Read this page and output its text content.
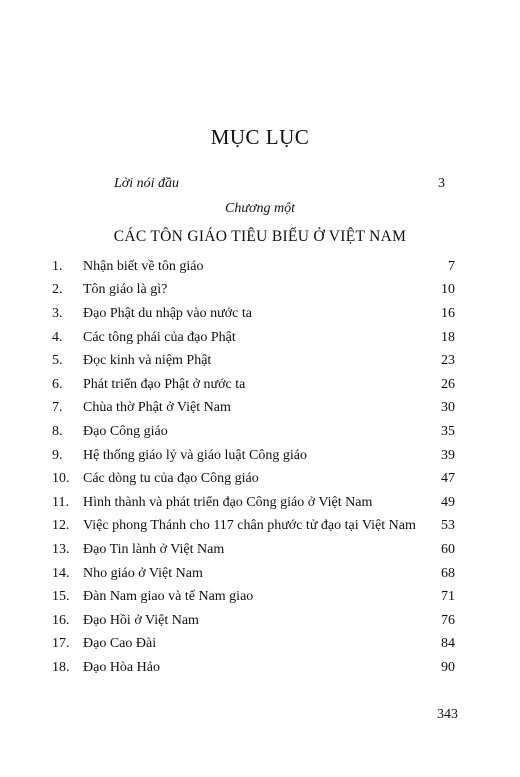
MỤC LỤC
Lời nói đầu	3
Chương một
CÁC TÔN GIÁO TIÊU BIỂU Ở VIỆT NAM
1.	Nhận biết về tôn giáo	7
2.	Tôn giáo là gì?	10
3.	Đạo Phật du nhập vào nước ta	16
4.	Các tông phái của đạo Phật	18
5.	Đọc kinh và niệm Phật	23
6.	Phát triển đạo Phật ở nước ta	26
7.	Chùa thờ Phật ở Việt Nam	30
8.	Đạo Công giáo	35
9.	Hệ thống giáo lý và giáo luật Công giáo	39
10. Các dòng tu của đạo Công giáo	47
11.	Hình thành và phát triển đạo Công giáo ở Việt Nam	49
12. Việc phong Thánh cho 117 chân phước tử đạo tại Việt Nam	53
13. Đạo Tin lành ở Việt Nam	60
14. Nho giáo ở Việt Nam	68
15. Đàn Nam giao và tế Nam giao	71
16. Đạo Hồi ở Việt Nam	76
17. Đạo Cao Đài	84
18. Đạo Hòa Hảo	90
343
